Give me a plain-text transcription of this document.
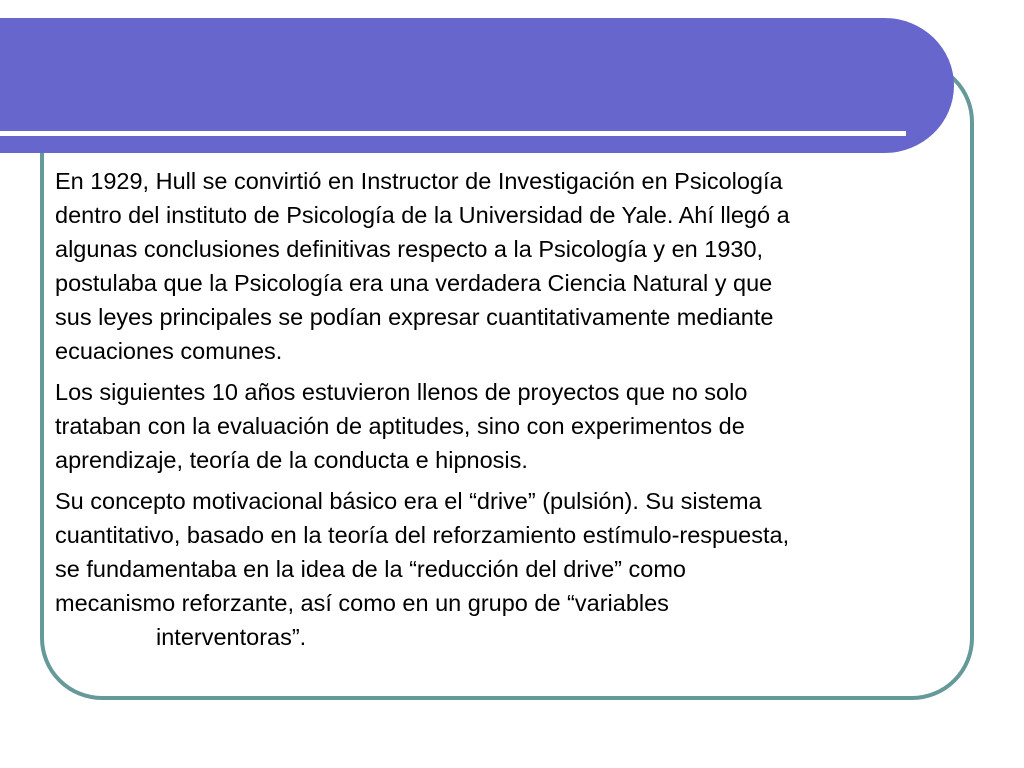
En 1929, Hull se convirtió en Instructor de Investigación en Psicología
dentro del instituto de Psicología de la Universidad de Yale. Ahí llegó a
algunas conclusiones definitivas respecto a la Psicología y en 1930,
postulaba que la Psicología era una verdadera Ciencia Natural y que
sus leyes principales se podían expresar cuantitativamente mediante
ecuaciones comunes.

Los siguientes 10 años estuvieron llenos de proyectos que no solo
trataban con la evaluación de aptitudes, sino con experimentos de
aprendizaje, teoría de la conducta e hipnosis.

Su concepto motivacional básico era el “drive” (pulsión). Su sistema
cuantitativo, basado en la teoría del reforzamiento estímulo-respuesta,
se fundamentaba en la idea de la “reducción del drive” como
mecanismo reforzante, así como en un grupo de “variables
interventoras”.
